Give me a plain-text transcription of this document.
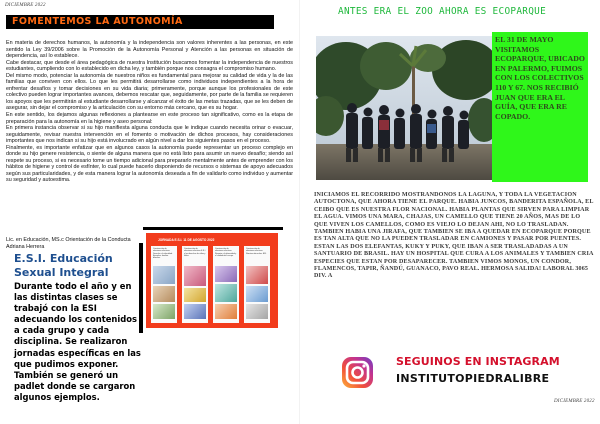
DICIEMBRE 2022
FOMENTEMOS LA AUTONOMÍA

En materia de derechos humanos, la autonomía y la independencia son valores inherentes a las personas, en este sentido la Ley 39/2006 sobre la Promoción de la Autonomía Personal y Atención a las personas en situación de dependencia, así lo establece.

Cabe destacar, que desde el área pedagógica de nuestra Institución buscamos fomentar la independencia de nuestros estudiantes, cumpliendo con lo establecido en dicha ley, y también porque nos consagra el compromiso humano.

Del mismo modo, potenciar la autonomía de nuestros niños es fundamental para mejorar su calidad de vida y la de las familias que conviven con ellos. Lo que les permitirá desarrollarse como individuos independientes a la hora de enfrentar desafíos y tomar decisiones en su vida diaria; primeramente, porque aunque los profesionales de este colectivo pueden lograr importantes avances, debemos rescatar que, seguidamente, por parte de la familia se requieren los apoyos que les permitirán al estudiante desarrollarse y alcanzar el éxito de las metas trazadas, que se les deben de asegurar, sin dejar el compromiso y la articulación con su entorno más cercano, que es su hogar.

En este sentido, los dejamos algunas reflexiones a plantearse en este proceso tan significativo, como es la etapa de preparación para la autonomía en la higiene y aseo personal:

En primera instancia observar si su hijo manifiesta alguna conducta que le indique cuando necesita orinar o evacuar, seguidamente, revisar nuestra intervención en el fomento o motivación de dichos procesos, hay consideraciones importantes que nos indican si su hijo está involucrado en algún nivel a dar los siguientes pasos en el proceso.

Finalmente, es importante enfatizar que en algunos casos la autonomía puede representar un proceso complejo en donde su hijo genere resistencia, o siente de alguna manera que no está listo para asumir un nuevo desafío; siendo así respete su proceso, si es necesario tome un tiempo adicional para prepararlo mentalmente antes de emprender con los hábitos de higiene y control de esfínter, lo cual puede hacerlo disponiendo de recursos o sistemas de apoyo adecuados según sus particularidades, y de esta manera lograr la autonomía deseada a fin de validarlo como individuo y aumentar su seguridad y autoestima.

Lic. en Educación, MS.c Orientación de la Conducta
Adriana Herrera
E.S.I. Educación
Sexual Integral
Durante todo el año y en las distintas clases se trabajó con la ESI adecuando los contenidos a cada grupo y cada disciplina. Se realizaron jornadas específicas en las que pudimos exponer. También se generó un padlet donde se cargaron algunos ejemplos.
JORNADA E.S.I. 11 DE AGOSTO 2022
Construcción de relaciones afectivas. Derecho a la identidad. Ejemplos: familias diversas.
Construcción de relaciones afectivas E.S.I. y los derechos de niñas y niños.
Construcción de relaciones afectivas Respeto a la diversidad y el cuidado del cuerpo.
Construcción de relaciones afectivas Nuestros derechos. ESI.
ANTES ERA EL ZOO AHORA ES ECOPARQUE
EL 31 DE MAYO VISITAMOS ECOPARQUE, UBICADO EN PALERMO, FUIMOS CON LOS COLECTIVOS 110 Y 67. NOS RECIBIÓ JUAN QUE ERA EL GUÍA, QUE ERA RE COPADO.
INICIAMOS EL RECORRIDO MOSTRANDONOS LA LAGUNA, Y TODA LA VEGETACION AUTOCTONA, QUE AHORA TIENE EL PARQUE. HABIA JUNCOS, BANDERITA ESPAÑOLA, EL CEIBO QUE ES NUESTRA FLOR NACIONAL. HABIA PLANTAS QUE SIRVEN PARA LIMPIAR EL AGUA. VIMOS UNA MARA, CHAJAS, UN CAMELLO QUE TIENE 20 AÑOS, MAS DE LO QUE VIVEN LOS CAMELLOS, COMO ES VIEJO LO DEJAN AHI, NO LO TRASLADAN. TAMBIEN HABIA UNA JIRAFA, QUE TAMBIEN SE IBA A QUEDAR EN ECOPARQUE PORQUE ES TAN ALTA QUE NO LA PUEDEN TRASLADAR EN CAMIONES Y PASAR POR PUENTES. ESTAN LAS DOS ELEFANTAS, KUKY Y PUKY, QUE IBAN A SER TRASLADADAS A UN SANTUARIO DE BRASIL. HAY UN HOSPITAL QUE CURA A LOS ANIMALES Y TAMBIEN CRIA ESPECIES QUE ESTAN POR DESAPARECER. TAMBIEN VIMOS MONOS, UN CONDOR, FLAMENCOS, TAPIR, ÑANDÚ, GUANACO, PAVO REAL. HERMOSA SALIDA! LABORAL 3065 DIV. A
SEGUINOS EN INSTAGRAM
INSTITUTOPIEDRALIBRE
DICIEMBRE 2022
